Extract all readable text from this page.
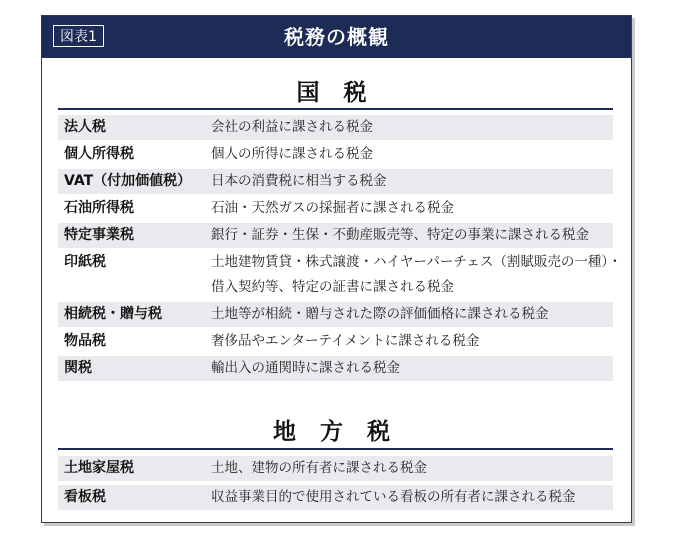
図表1	税務の概観
国 税
法人税	会社の利益に課される税金
個人所得税	個人の所得に課される税金
VAT（付加価値税） 日本の消費税に相当する税金
石油所得税	石油・天然ガスの採掘者に課される税金
特定事業税	銀行・証券・生保・不動産販売等、特定の事業に課される税金
印紙税	土地建物賃貸・株式譲渡・ハイヤーパーチェス（割賦販売の一種）・
借入契約等、特定の証書に課される税金
相続税・贈与税	土地等が相続・贈与された際の評価価格に課される税金
物品税	奢侈品やエンターテイメントに課される税金
関税	輸出入の通関時に課される税金
地 方 税
土地家屋税	土地、建物の所有者に課される税金
看板税	収益事業目的で使用されている看板の所有者に課される税金
